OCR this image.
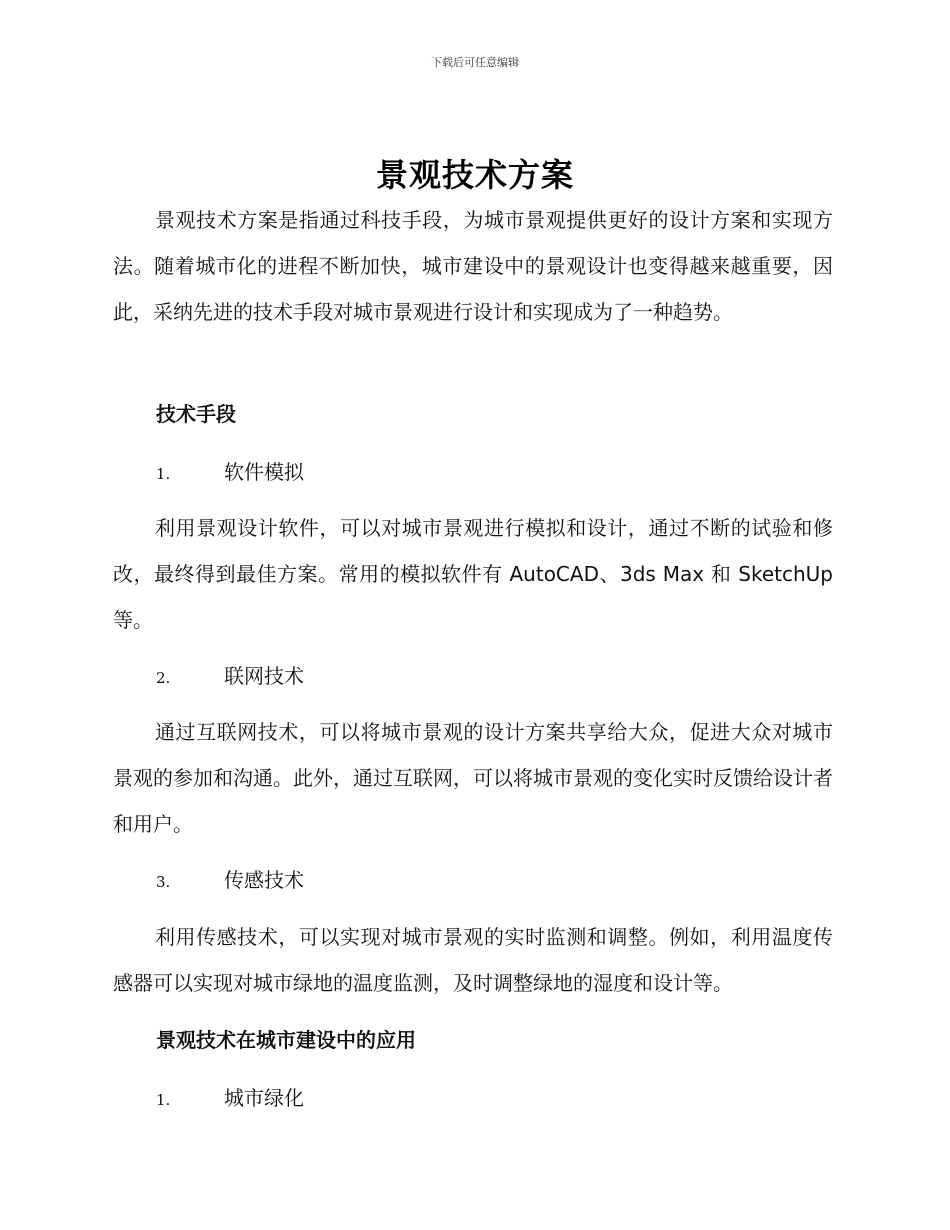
下载后可任意编辑
景观技术方案

景观技术方案是指通过科技手段，为城市景观提供更好的设计方案和实现方法。随着城市化的进程不断加快，城市建设中的景观设计也变得越来越重要，因此，采纳先进的技术手段对城市景观进行设计和实现成为了一种趋势。

技术手段

1.	软件模拟

利用景观设计软件，可以对城市景观进行模拟和设计，通过不断的试验和修改，最终得到最佳方案。常用的模拟软件有 AutoCAD、3ds Max 和 SketchUp 等。

2.	联网技术

通过互联网技术，可以将城市景观的设计方案共享给大众，促进大众对城市景观的参加和沟通。此外，通过互联网，可以将城市景观的变化实时反馈给设计者和用户。

3.	传感技术

利用传感技术，可以实现对城市景观的实时监测和调整。例如，利用温度传感器可以实现对城市绿地的温度监测，及时调整绿地的湿度和设计等。

景观技术在城市建设中的应用

1.	城市绿化
